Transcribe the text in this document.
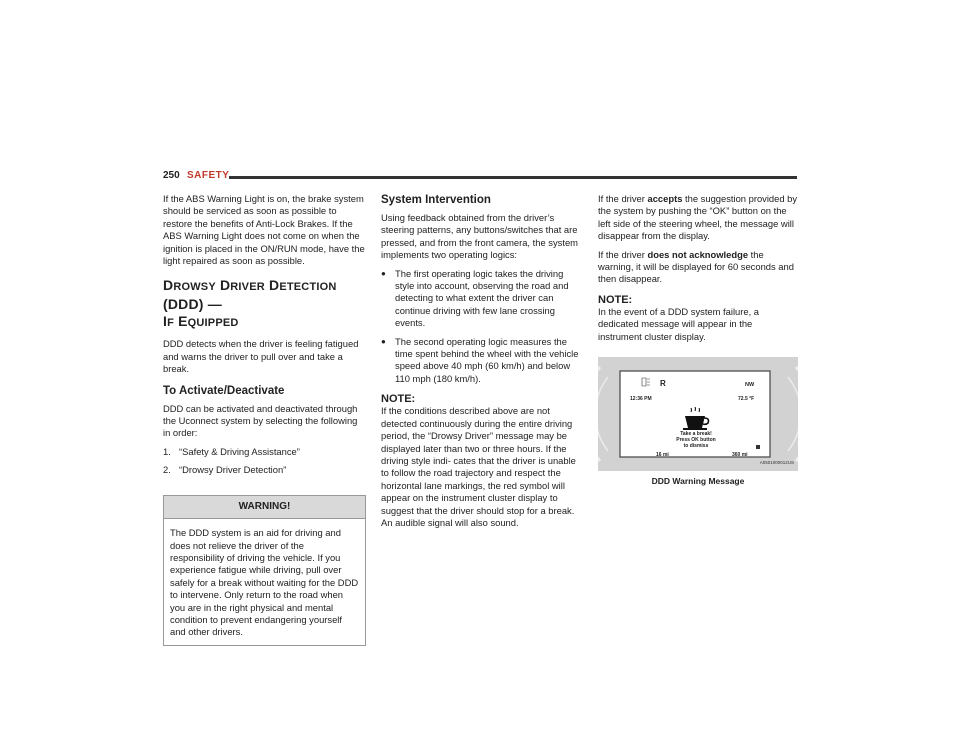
250 SAFETY

If the ABS Warning Light is on, the brake system should be serviced as soon as possible to restore the benefits of Anti-Lock Brakes. If the ABS Warning Light does not come on when the ignition is placed in the ON/RUN mode, have the light repaired as soon as possible.

DROWSY DRIVER DETECTION (DDD) —
IF EQUIPPED

DDD detects when the driver is feeling fatigued and warns the driver to pull over and take a break.

To Activate/Deactivate

DDD can be activated and deactivated through the Uconnect system by selecting the following in order:

1. “Safety & Driving Assistance”
2. “Drowsy Driver Detection”
WARNING!
The DDD system is an aid for driving and does not relieve the driver of the responsibility of driving the vehicle. If you experience fatigue while driving, pull over safely for a break without waiting for the DDD to intervene. Only return to the road when you are in the right physical and mental condition to prevent endangering yourself and other drivers.
System Intervention

Using feedback obtained from the driver’s steering patterns, any buttons/switches that are pressed, and from the front camera, the system implements two operating logics:

● The first operating logic takes the driving style into account, observing the road and detecting to what extent the driver can continue driving with few lane crossing events.
● The second operating logic measures the time spent behind the wheel with the vehicle speed above 40 mph (60 km/h) and below 110 mph (180 km/h).
NOTE:

If the conditions described above are not detected continuously during the entire driving period, the “Drowsy Driver” message may be displayed later than two or three hours. If the driving style indi- cates that the driver is unable to follow the road trajectory and respect the horizontal lane markings, the red symbol will appear on the instrument cluster display to suggest that the driver should stop for a break. An audible signal will also sound.

If the driver accepts the suggestion provided by the system by pushing the “OK” button on the left side of the steering wheel, the message will disappear from the display.

If the driver does not acknowledge the warning, it will be displayed for 60 seconds and then disappear.

NOTE:

In the event of a DDD system failure, a dedicated message will appear in the instrument cluster display.

R	NW
12:36 PM	72.5 °F
Take a break!
Press OK button
to dismiss
16 mi	360 mi
A0501000012US
DDD Warning Message
